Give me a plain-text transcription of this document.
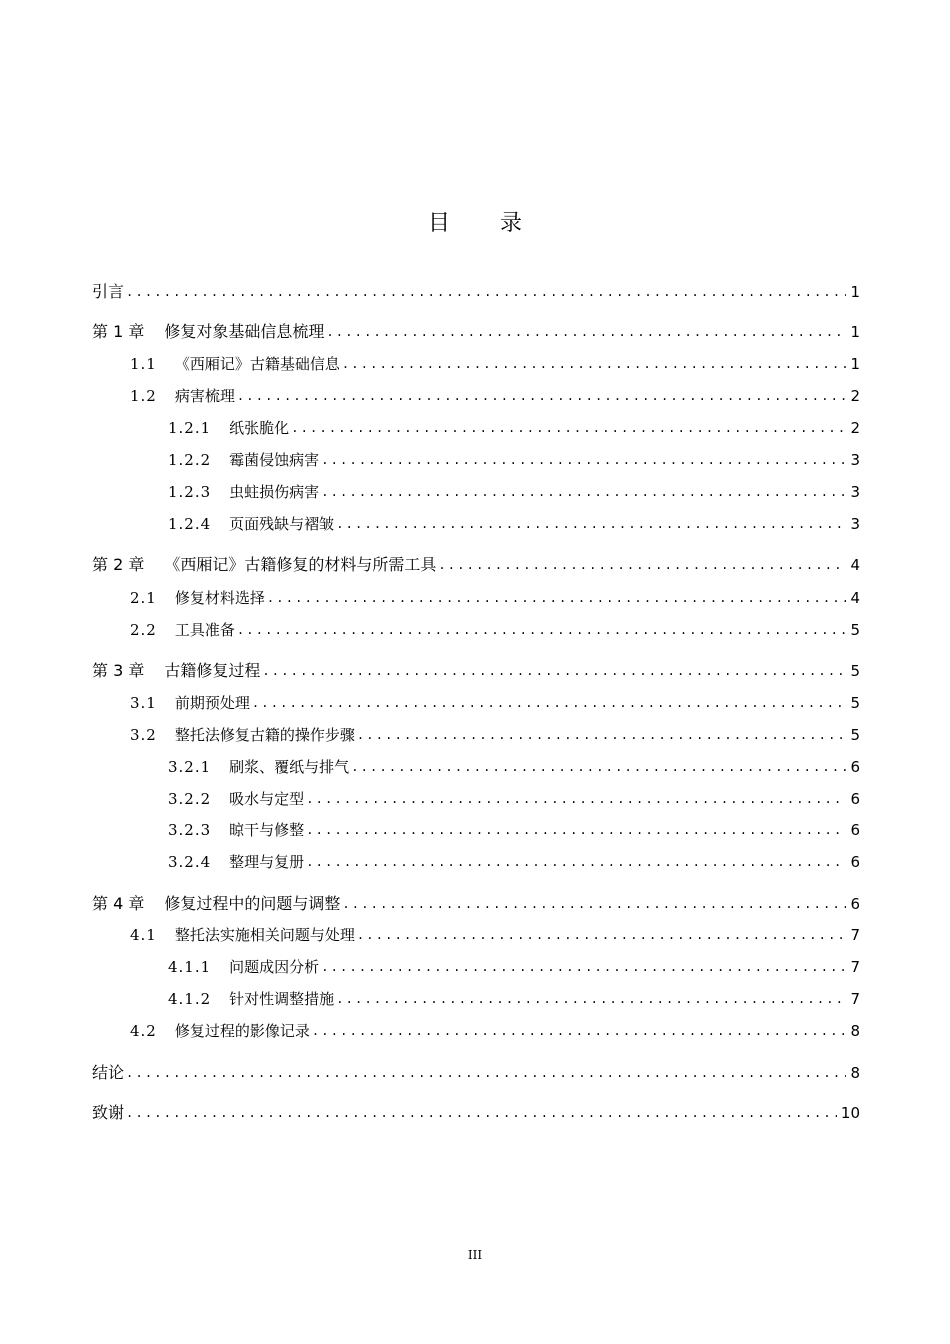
目录
引言 .....	1
第 1 章 修复对象基础信息梳理 .....	1
1.1 《西厢记》古籍基础信息 .....	1
1.2 病害梳理 .....	2
1.2.1 纸张脆化 .....	2
1.2.2 霉菌侵蚀病害 .....	3
1.2.3 虫蛀损伤病害 .....	3
1.2.4 页面残缺与褶皱 .....	3
第 2 章 《西厢记》古籍修复的材料与所需工具 .....	4
2.1 修复材料选择 .....	4
2.2 工具准备 .....	5
第 3 章 古籍修复过程 .....	5
3.1 前期预处理 .....	5
3.2 整托法修复古籍的操作步骤 .....	5
3.2.1 刷浆、覆纸与排气 .....	6
3.2.2 吸水与定型 .....	6
3.2.3 晾干与修整 .....	6
3.2.4 整理与复册 .....	6
第 4 章 修复过程中的问题与调整 .....	6
4.1 整托法实施相关问题与处理 .....	7
4.1.1 问题成因分析 .....	7
4.1.2 针对性调整措施 .....	7
4.2 修复过程的影像记录 .....	8
结论 .....	8
致谢 .....	10
III
